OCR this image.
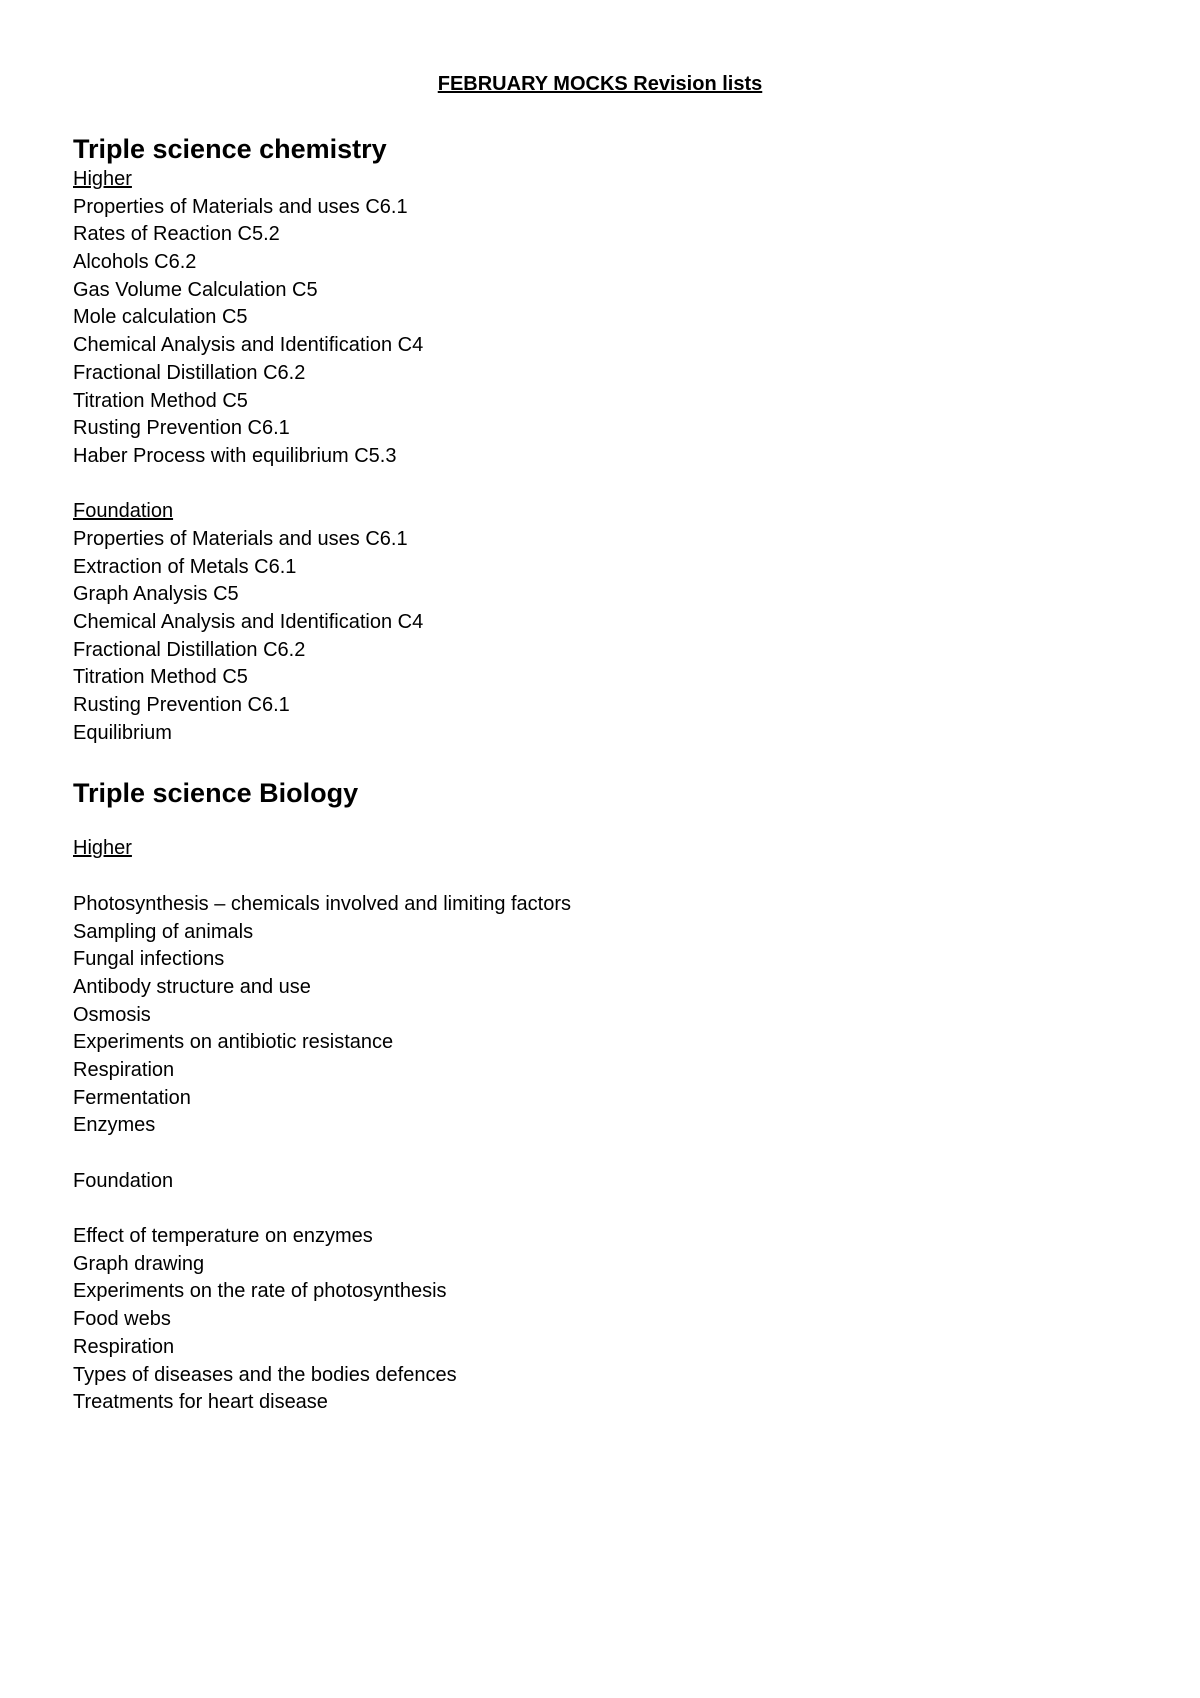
FEBRUARY MOCKS Revision lists
Triple science chemistry
Higher
Properties of Materials and uses C6.1
Rates of Reaction C5.2
Alcohols C6.2
Gas Volume Calculation C5
Mole calculation C5
Chemical Analysis and Identification C4
Fractional Distillation C6.2
Titration Method C5
Rusting Prevention C6.1
Haber Process with equilibrium C5.3
Foundation
Properties of Materials and uses C6.1
Extraction of Metals C6.1
Graph Analysis C5
Chemical Analysis and Identification C4
Fractional Distillation C6.2
Titration Method C5
Rusting Prevention C6.1
Equilibrium
Triple science Biology
Higher
Photosynthesis – chemicals involved and limiting factors
Sampling of animals
Fungal infections
Antibody structure and use
Osmosis
Experiments on antibiotic resistance
Respiration
Fermentation
Enzymes
Foundation
Effect of temperature on enzymes
Graph drawing
Experiments on the rate of photosynthesis
Food webs
Respiration
Types of diseases and the bodies defences
Treatments for heart disease
